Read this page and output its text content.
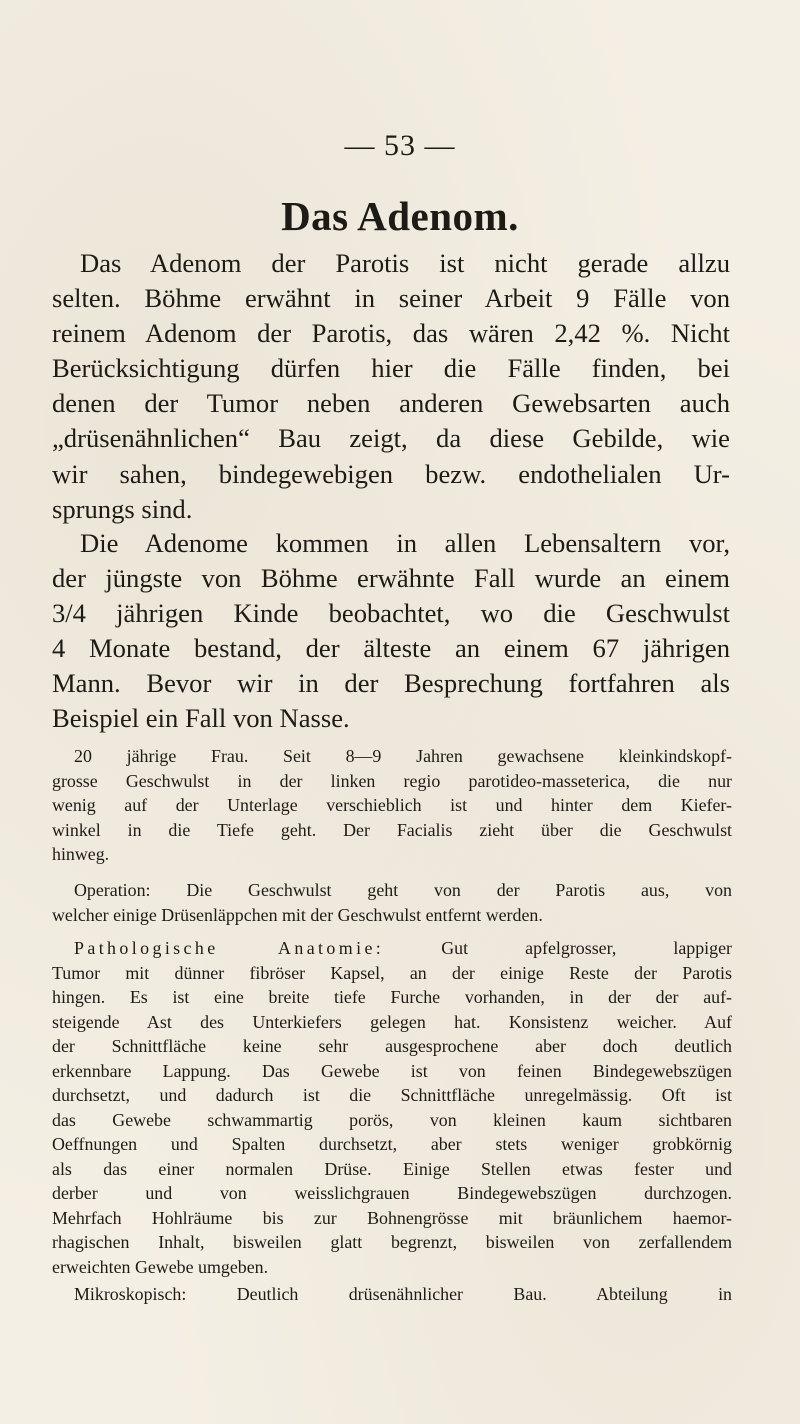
— 53 —
Das Adenom.
Das Adenom der Parotis ist nicht gerade allzu
selten. Böhme erwähnt in seiner Arbeit 9 Fälle von
reinem Adenom der Parotis, das wären 2,42 %. Nicht
Berücksichtigung dürfen hier die Fälle finden, bei
denen der Tumor neben anderen Gewebsarten auch
„drüsenähnlichen“ Bau zeigt, da diese Gebilde, wie
wir sahen, bindegewebigen bezw. endothelialen Ur-
sprungs sind.
Die Adenome kommen in allen Lebensaltern vor,
der jüngste von Böhme erwähnte Fall wurde an einem
3/4 jährigen Kinde beobachtet, wo die Geschwulst
4 Monate bestand, der älteste an einem 67 jährigen
Mann. Bevor wir in der Besprechung fortfahren als
Beispiel ein Fall von Nasse.
20 jährige Frau. Seit 8—9 Jahren gewachsene kleinkindskopf-
grosse Geschwulst in der linken regio parotideo-masseterica, die nur
wenig auf der Unterlage verschieblich ist und hinter dem Kiefer-
winkel in die Tiefe geht. Der Facialis zieht über die Geschwulst
hinweg.
Operation: Die Geschwulst geht von der Parotis aus, von
welcher einige Drüsenläppchen mit der Geschwulst entfernt werden.
Pathologische Anatomie:	Gut apfelgrosser, lappiger
Tumor mit dünner fibröser Kapsel, an der einige Reste der Parotis
hingen. Es ist eine breite tiefe Furche vorhanden, in der der auf-
steigende Ast des Unterkiefers gelegen hat. Konsistenz weicher. Auf
der Schnittfläche keine sehr ausgesprochene aber doch deutlich
erkennbare Lappung. Das Gewebe ist von feinen Bindegewebszügen
durchsetzt, und dadurch ist die Schnittfläche unregelmässig. Oft ist
das Gewebe schwammartig porös, von kleinen kaum sichtbaren
Oeffnungen und Spalten durchsetzt, aber stets weniger grobkörnig
als das einer normalen Drüse. Einige Stellen etwas fester und
derber und von weisslichgrauen Bindegewebszügen durchzogen.
Mehrfach Hohlräume bis zur Bohnengrösse mit bräunlichem haemor-
rhagischen Inhalt, bisweilen glatt begrenzt, bisweilen von zerfallendem
erweichten Gewebe umgeben.
Mikroskopisch: Deutlich drüsenähnlicher Bau. Abteilung in
